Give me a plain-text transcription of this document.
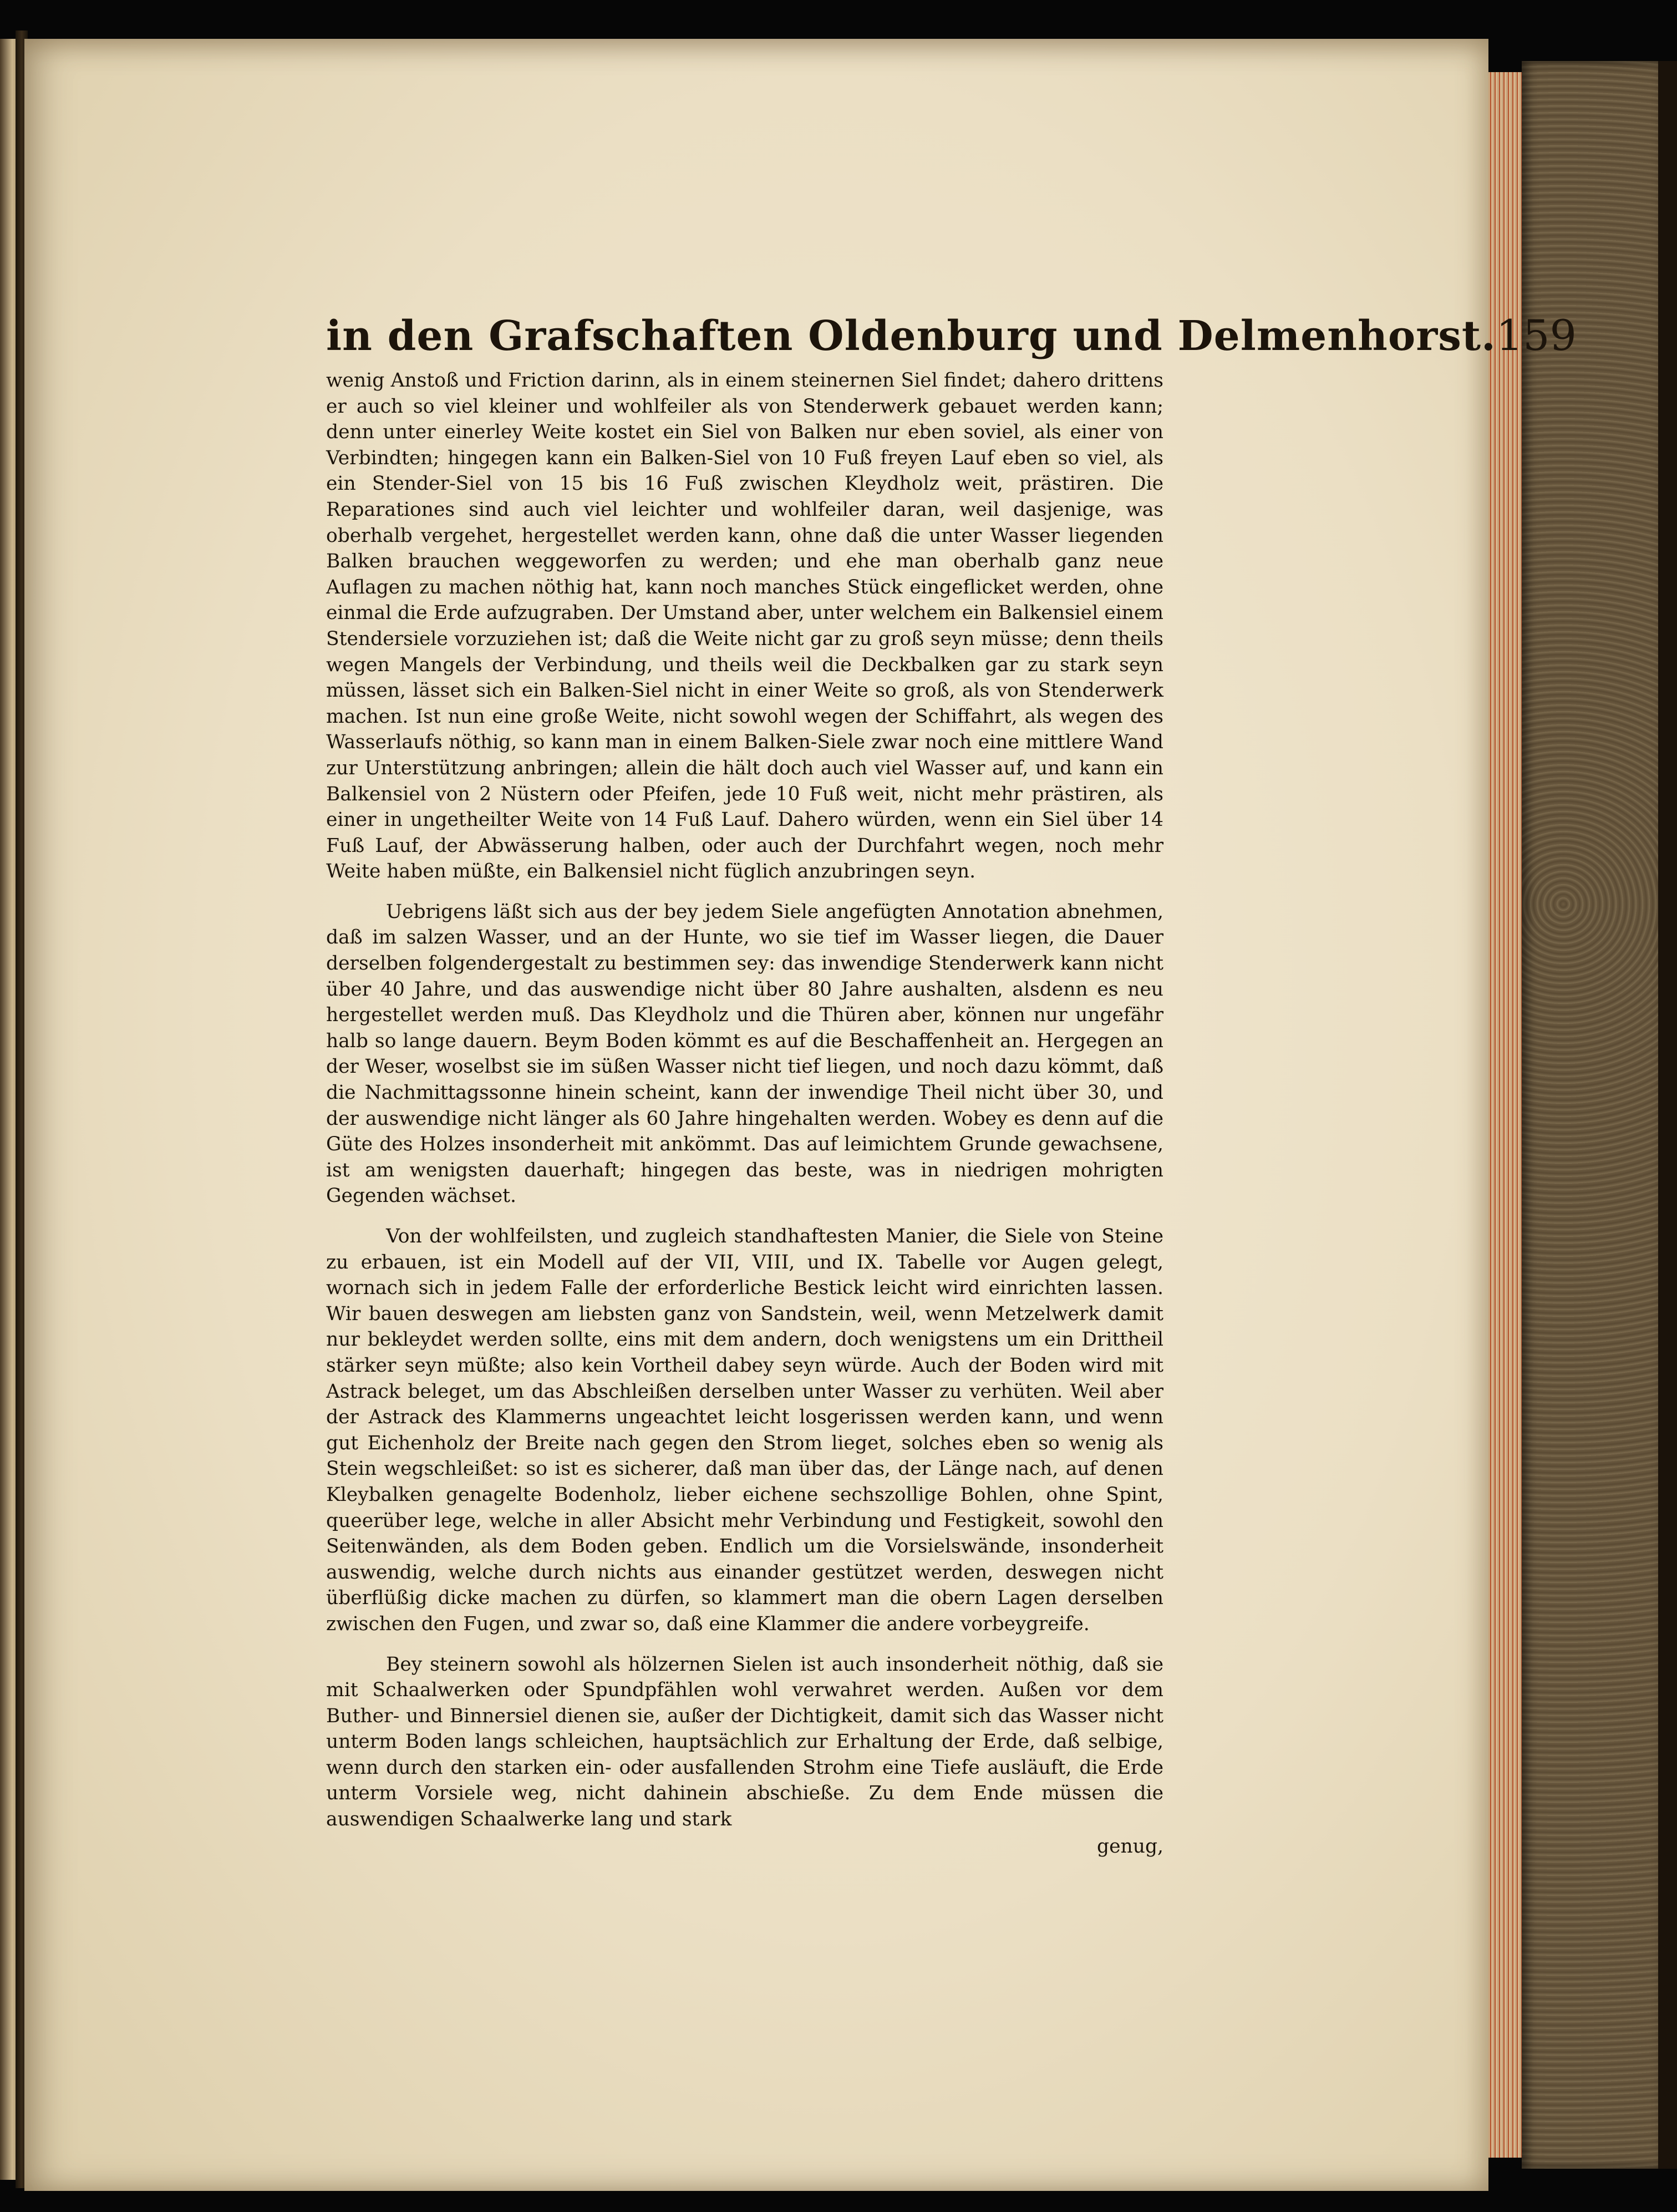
in den Grafschaften Oldenburg und Delmenhorst. 159

wenig Anstoß und Friction darinn, als in einem steinernen Siel findet; dahero drittens er auch so viel kleiner und wohlfeiler als von Stenderwerk gebauet werden kann; denn unter einerley Weite kostet ein Siel von Balken nur eben soviel, als einer von Verbindten; hingegen kann ein Balken-Siel von 10 Fuß freyen Lauf eben so viel, als ein Stender-Siel von 15 bis 16 Fuß zwischen Kleydholz weit, prästiren. Die Reparationes sind auch viel leichter und wohlfeiler daran, weil dasjenige, was oberhalb vergehet, hergestellet werden kann, ohne daß die unter Wasser liegenden Balken brauchen weggeworfen zu werden; und ehe man oberhalb ganz neue Auflagen zu machen nöthig hat, kann noch manches Stück eingeflicket werden, ohne einmal die Erde aufzugraben. Der Umstand aber, unter welchem ein Balkensiel einem Stendersiele vorzuziehen ist; daß die Weite nicht gar zu groß seyn müsse; denn theils wegen Mangels der Verbindung, und theils weil die Deckbalken gar zu stark seyn müssen, lässet sich ein Balken-Siel nicht in einer Weite so groß, als von Stenderwerk machen. Ist nun eine große Weite, nicht sowohl wegen der Schiffahrt, als wegen des Wasserlaufs nöthig, so kann man in einem Balken-Siele zwar noch eine mittlere Wand zur Unterstützung anbringen; allein die hält doch auch viel Wasser auf, und kann ein Balkensiel von 2 Nüstern oder Pfeifen, jede 10 Fuß weit, nicht mehr prästiren, als einer in ungetheilter Weite von 14 Fuß Lauf. Dahero würden, wenn ein Siel über 14 Fuß Lauf, der Abwässerung halben, oder auch der Durchfahrt wegen, noch mehr Weite haben müßte, ein Balkensiel nicht füglich anzubringen seyn.

Uebrigens läßt sich aus der bey jedem Siele angefügten Annotation abnehmen, daß im salzen Wasser, und an der Hunte, wo sie tief im Wasser liegen, die Dauer derselben folgendergestalt zu bestimmen sey: das inwendige Stenderwerk kann nicht über 40 Jahre, und das auswendige nicht über 80 Jahre aushalten, alsdenn es neu hergestellet werden muß. Das Kleydholz und die Thüren aber, können nur ungefähr halb so lange dauern. Beym Boden kömmt es auf die Beschaffenheit an. Hergegen an der Weser, woselbst sie im süßen Wasser nicht tief liegen, und noch dazu kömmt, daß die Nachmittagssonne hinein scheint, kann der inwendige Theil nicht über 30, und der auswendige nicht länger als 60 Jahre hingehalten werden. Wobey es denn auf die Güte des Holzes insonderheit mit ankömmt. Das auf leimichtem Grunde gewachsene, ist am wenigsten dauerhaft; hingegen das beste, was in niedrigen mohrigten Gegenden wächset.

Von der wohlfeilsten, und zugleich standhaftesten Manier, die Siele von Steine zu erbauen, ist ein Modell auf der VII, VIII, und IX. Tabelle vor Augen gelegt, wornach sich in jedem Falle der erforderliche Bestick leicht wird einrichten lassen. Wir bauen deswegen am liebsten ganz von Sandstein, weil, wenn Metzelwerk damit nur bekleydet werden sollte, eins mit dem andern, doch wenigstens um ein Drittheil stärker seyn müßte; also kein Vortheil dabey seyn würde. Auch der Boden wird mit Astrack beleget, um das Abschleißen derselben unter Wasser zu verhüten. Weil aber der Astrack des Klammerns ungeachtet leicht losgerissen werden kann, und wenn gut Eichenholz der Breite nach gegen den Strom lieget, solches eben so wenig als Stein wegschleißet: so ist es sicherer, daß man über das, der Länge nach, auf denen Kleybalken genagelte Bodenholz, lieber eichene sechszollige Bohlen, ohne Spint, queerüber lege, welche in aller Absicht mehr Verbindung und Festigkeit, sowohl den Seitenwänden, als dem Boden geben. Endlich um die Vorsielswände, insonderheit auswendig, welche durch nichts aus einander gestützet werden, deswegen nicht überflüßig dicke machen zu dürfen, so klammert man die obern Lagen derselben zwischen den Fugen, und zwar so, daß eine Klammer die andere vorbeygreife.

Bey steinern sowohl als hölzernen Sielen ist auch insonderheit nöthig, daß sie mit Schaalwerken oder Spundpfählen wohl verwahret werden. Außen vor dem Buther- und Binnersiel dienen sie, außer der Dichtigkeit, damit sich das Wasser nicht unterm Boden langs schleichen, hauptsächlich zur Erhaltung der Erde, daß selbige, wenn durch den starken ein- oder ausfallenden Strohm eine Tiefe ausläuft, die Erde unterm Vorsiele weg, nicht dahinein abschieße. Zu dem Ende müssen die auswendigen Schaalwerke lang und stark

genug,
